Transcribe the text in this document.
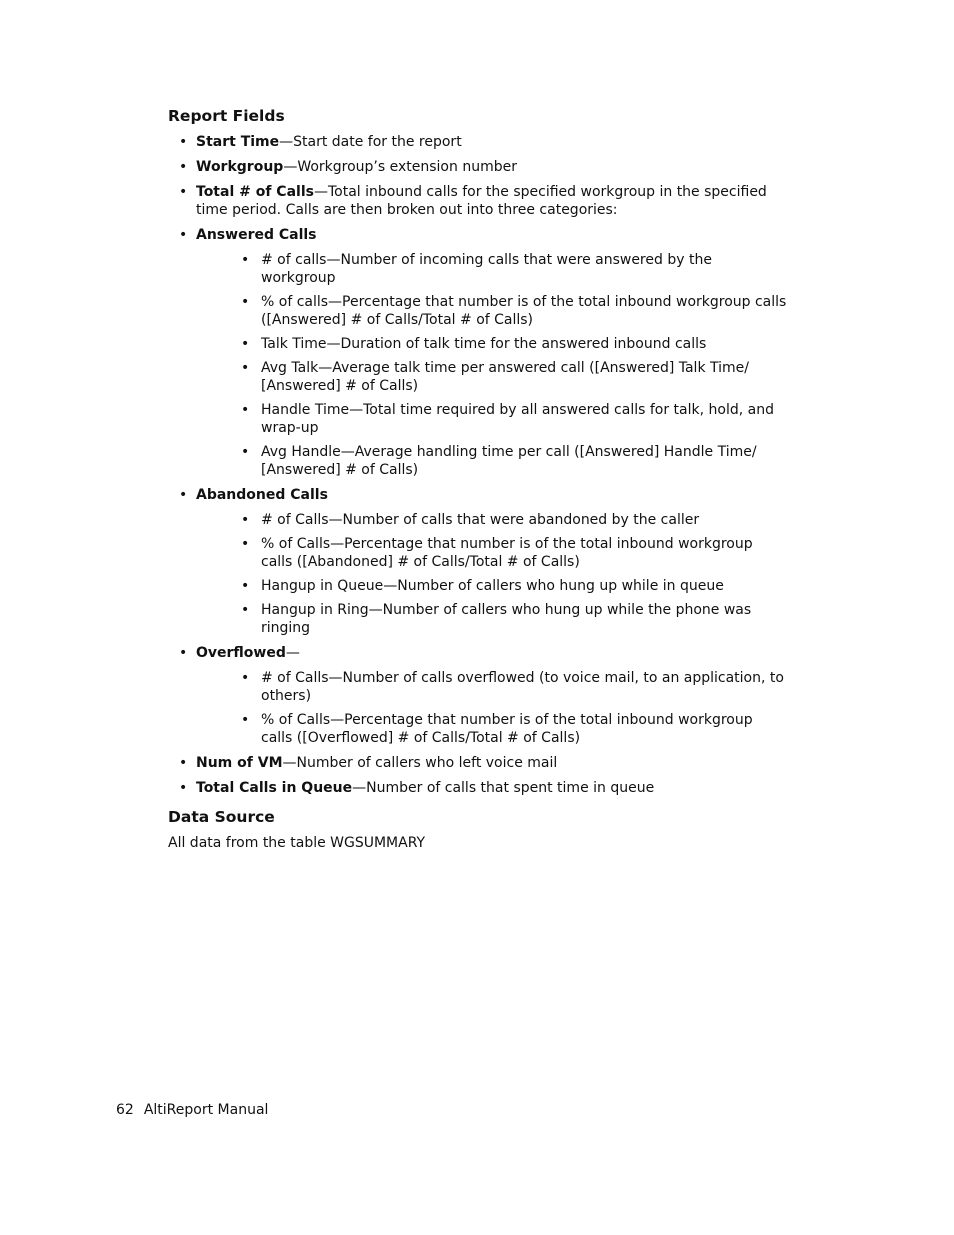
Report Fields
• Start Time—Start date for the report
• Workgroup—Workgroup’s extension number
• Total # of Calls—Total inbound calls for the specified workgroup in the specified time period. Calls are then broken out into three categories:
• Answered Calls
• # of calls—Number of incoming calls that were answered by the workgroup
• % of calls—Percentage that number is of the total inbound workgroup calls ([Answered] # of Calls/Total # of Calls)
• Talk Time—Duration of talk time for the answered inbound calls
• Avg Talk—Average talk time per answered call ([Answered] Talk Time/ [Answered] # of Calls)
• Handle Time—Total time required by all answered calls for talk, hold, and wrap-up
• Avg Handle—Average handling time per call ([Answered] Handle Time/ [Answered] # of Calls)
• Abandoned Calls
• # of Calls—Number of calls that were abandoned by the caller
• % of Calls—Percentage that number is of the total inbound workgroup calls ([Abandoned] # of Calls/Total # of Calls)
• Hangup in Queue—Number of callers who hung up while in queue
• Hangup in Ring—Number of callers who hung up while the phone was ringing
• Overflowed—
• # of Calls—Number of calls overflowed (to voice mail, to an application, to others)
• % of Calls—Percentage that number is of the total inbound workgroup calls ([Overflowed] # of Calls/Total # of Calls)
• Num of VM—Number of callers who left voice mail
• Total Calls in Queue—Number of calls that spent time in queue
Data Source

All data from the table WGSUMMARY

62 AltiReport Manual
